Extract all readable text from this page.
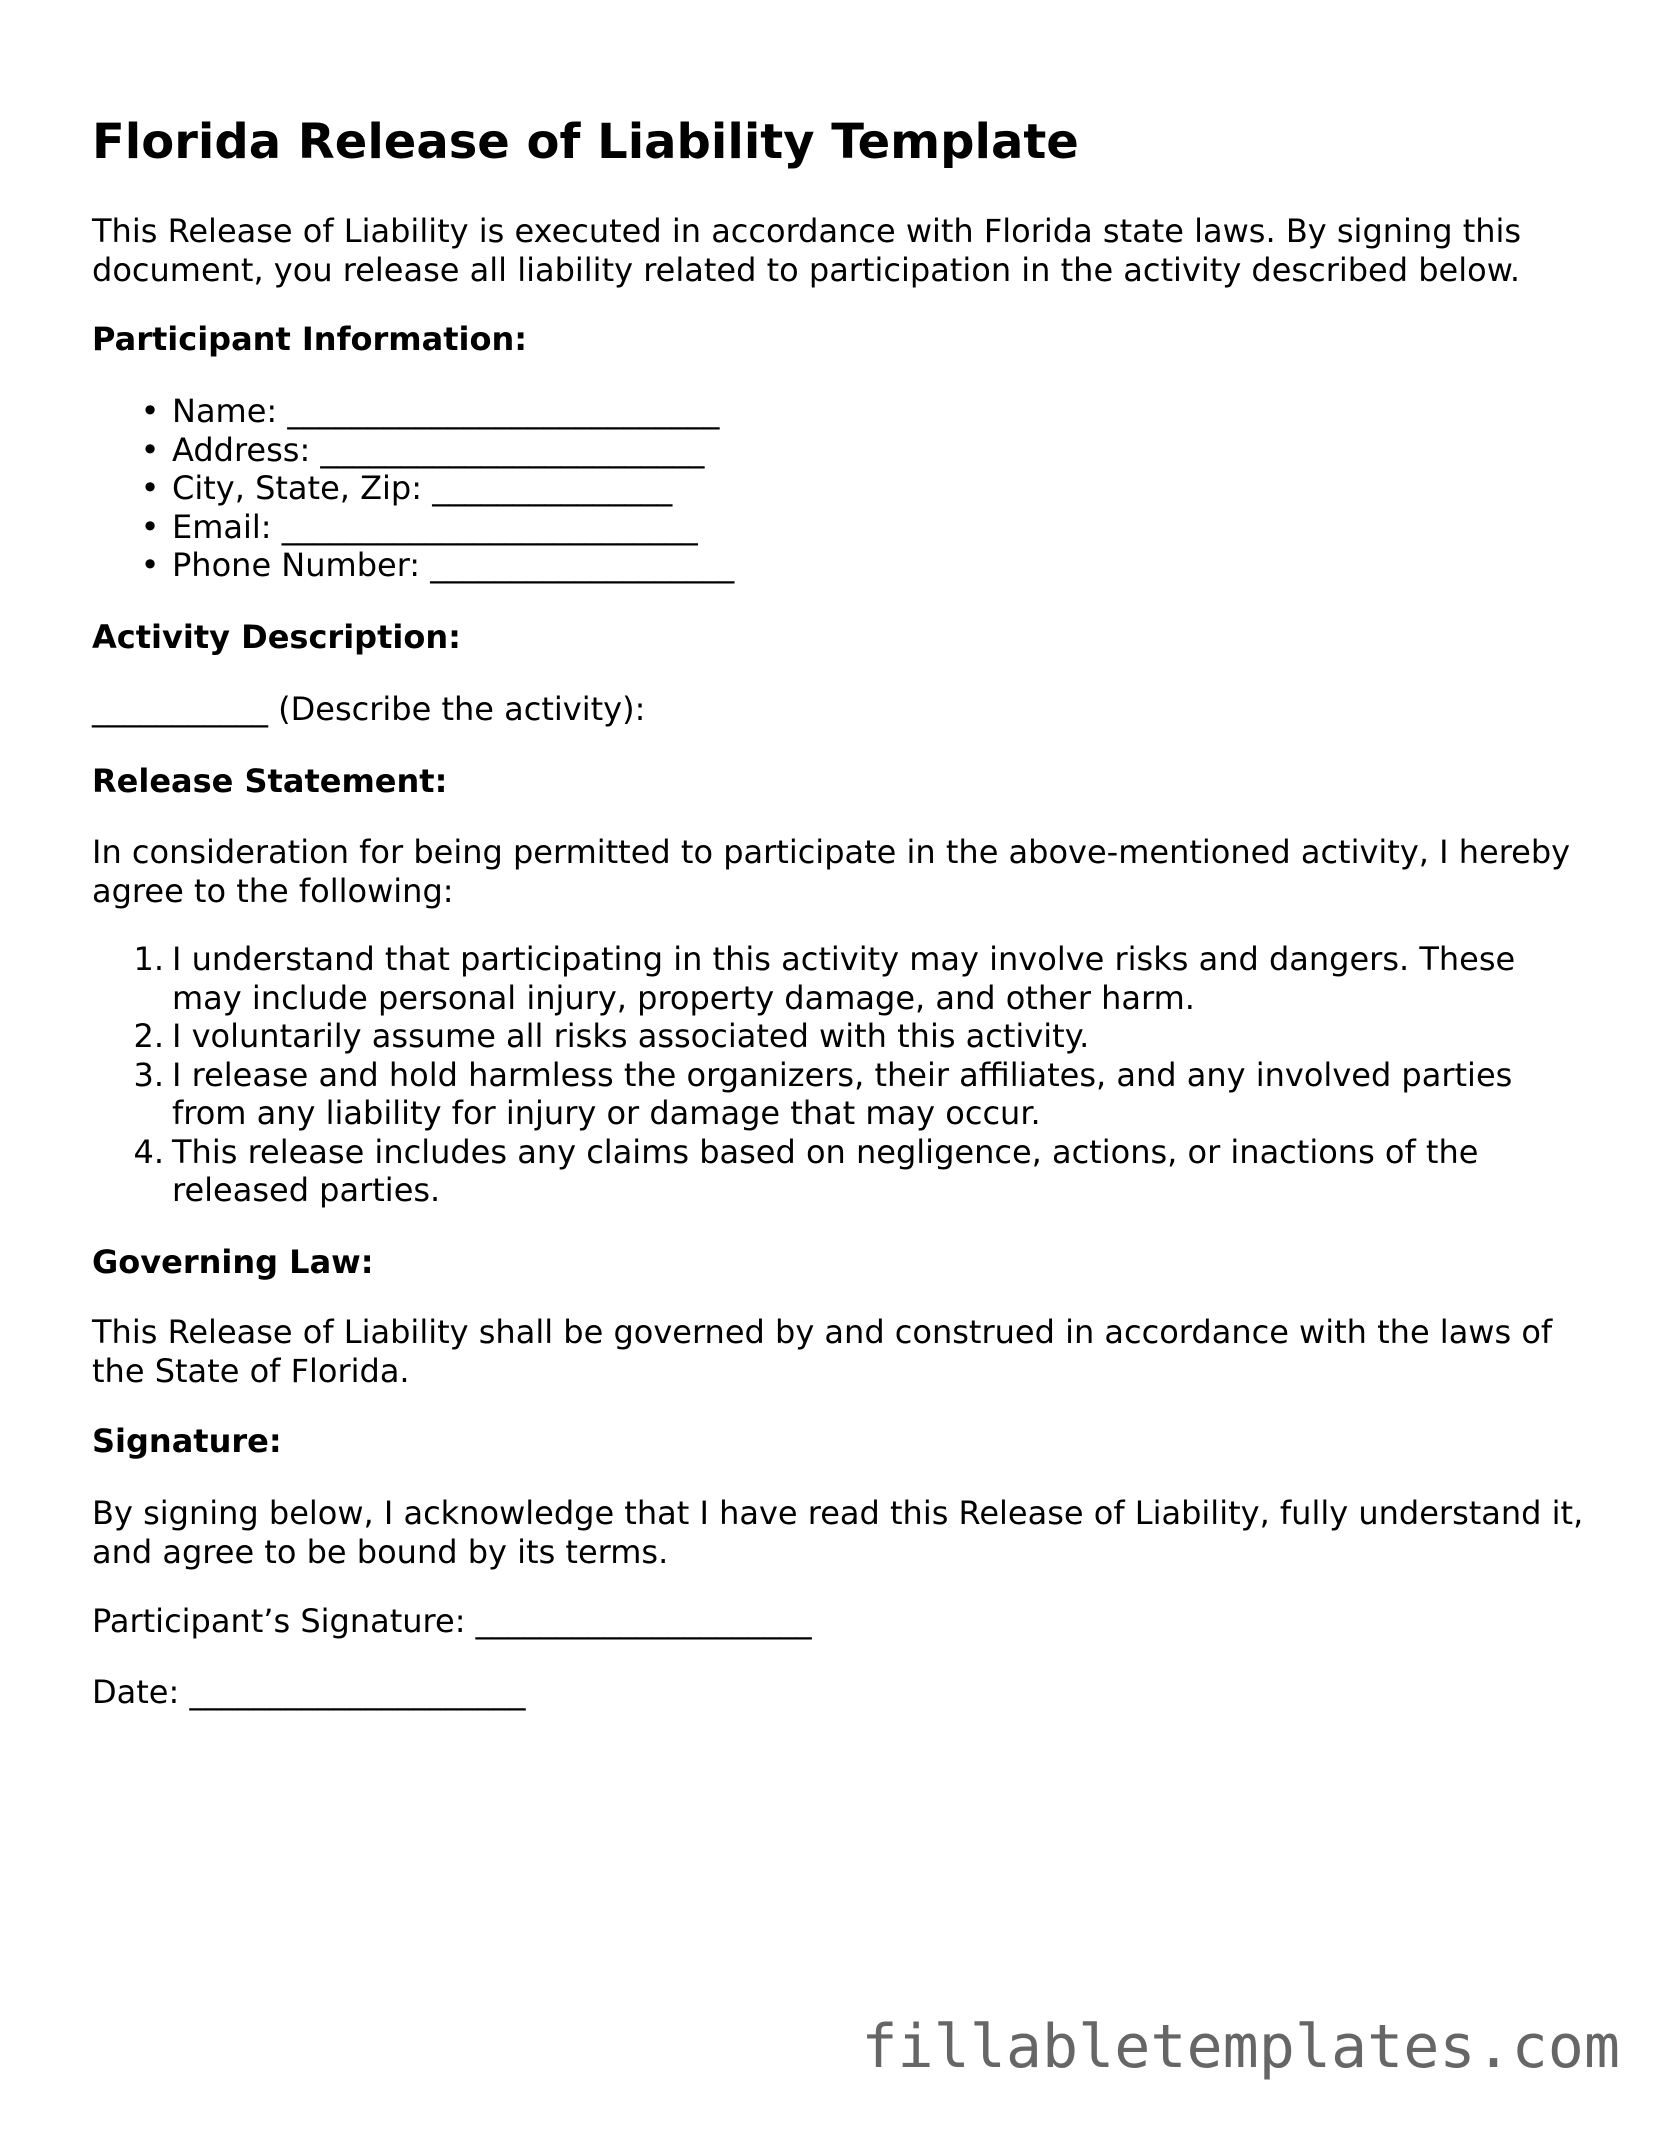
Florida Release of Liability Template

This Release of Liability is executed in accordance with Florida state laws. By signing this document, you release all liability related to participation in the activity described below.

Participant Information:

• Name: ___________________________
• Address: ________________________
• City, State, Zip: _______________
• Email: __________________________
• Phone Number: ___________________

Activity Description:

___________ (Describe the activity):

Release Statement:

In consideration for being permitted to participate in the above-mentioned activity, I hereby agree to the following:

1. I understand that participating in this activity may involve risks and dangers. These may include personal injury, property damage, and other harm.
2. I voluntarily assume all risks associated with this activity.
3. I release and hold harmless the organizers, their affiliates, and any involved parties from any liability for injury or damage that may occur.
4. This release includes any claims based on negligence, actions, or inactions of the released parties.

Governing Law:

This Release of Liability shall be governed by and construed in accordance with the laws of the State of Florida.

Signature:

By signing below, I acknowledge that I have read this Release of Liability, fully understand it, and agree to be bound by its terms.

Participant’s Signature: _____________________

Date: _____________________

fillabletemplates.com
